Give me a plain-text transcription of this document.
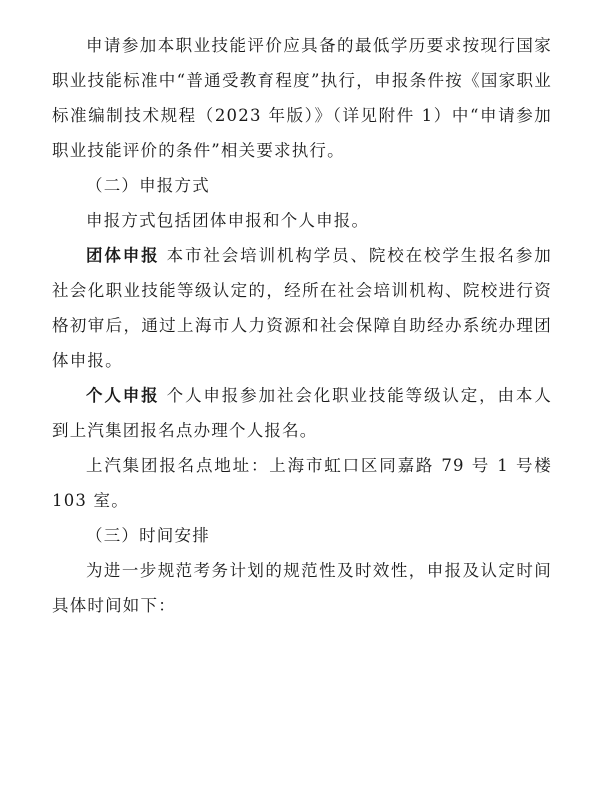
申请参加本职业技能评价应具备的最低学历要求按现行国家职业技能标准中“普通受教育程度”执行，申报条件按《国家职业标准编制技术规程（2023 年版）》（详见附件 1）中“申请参加职业技能评价的条件”相关要求执行。

（二）申报方式

申报方式包括团体申报和个人申报。

团体申报 本市社会培训机构学员、院校在校学生报名参加社会化职业技能等级认定的，经所在社会培训机构、院校进行资格初审后，通过上海市人力资源和社会保障自助经办系统办理团体申报。

个人申报 个人申报参加社会化职业技能等级认定，由本人到上汽集团报名点办理个人报名。

上汽集团报名点地址：上海市虹口区同嘉路 79 号 1 号楼 103 室。

（三）时间安排

为进一步规范考务计划的规范性及时效性，申报及认定时间具体时间如下：
